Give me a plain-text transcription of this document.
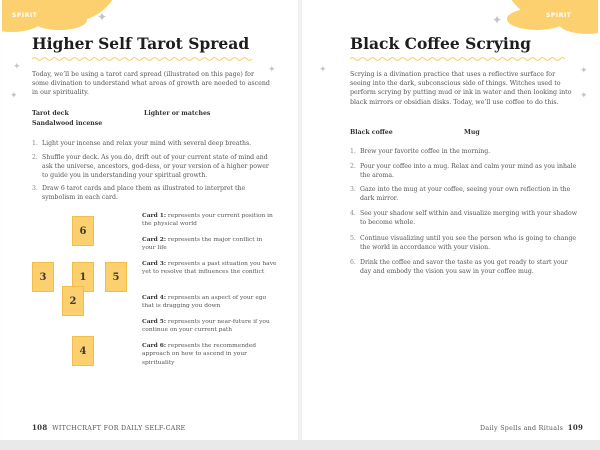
SPIRIT	✦
✦
✦
✦
Higher Self Tarot Spread
Today, we’ll be using a tarot card spread (illustrated on this page) for some divination to understand what areas of growth are needed to ascend in our spirituality.
Tarot deck	Lighter or matches
Sandalwood incense
1. Light your incense and relax your mind with several deep breaths.
2. Shuffle your deck. As you do, drift out of your current state of mind and ask the universe, ancestors, god-dess, or your version of a higher power to guide you in understanding your spiritual growth.
3. Draw 6 tarot cards and place them as illustrated to interpret the symbolism in each card.
6
3	1	5
2
4
Card 1: represents your current position in the physical world
Card 2: represents the major conflict in your life
Card 3: represents a past situation you have yet to resolve that influences the conflict
Card 4: represents an aspect of your ego that is dragging you down
Card 5: represents your near-future if you continue on your current path
Card 6: represents the recommended approach on how to ascend in your spirituality
108 WITCHCRAFT FOR DAILY SELF-CARE
SPIRIT
✦
✦
✦
✦
Black Coffee Scrying
Scrying is a divination practice that uses a reflective surface for seeing into the dark, subconscious side of things. Witches used to perform scrying by putting mud or ink in water and then looking into black mirrors or obsidian disks. Today, we’ll use coffee to do this.
Black coffee	Mug
1. Brew your favorite coffee in the morning.
2. Pour your coffee into a mug. Relax and calm your mind as you inhale the aroma.
3. Gaze into the mug at your coffee, seeing your own reflection in the dark mirror.
4. See your shadow self within and visualize merging with your shadow to become whole.
5. Continue visualizing until you see the person who is going to change the world in accordance with your vision.
6. Drink the coffee and savor the taste as you get ready to start your day and embody the vision you saw in your coffee mug.
Daily Spells and Rituals 109
